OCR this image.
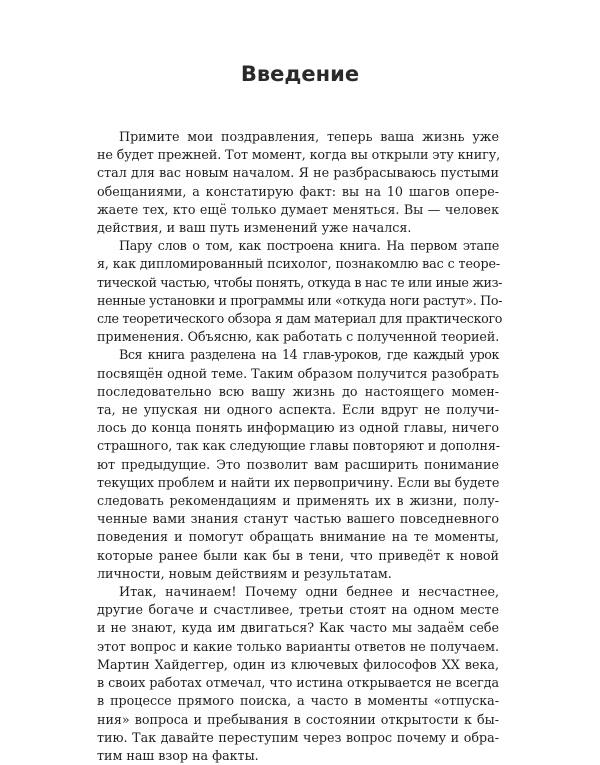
Введение

Примите мои поздравления, теперь ваша жизнь уже
не будет прежней. Тот момент, когда вы открыли эту книгу,
стал для вас новым началом. Я не разбрасываюсь пустыми
обещаниями, а констатирую факт: вы на 10 шагов опере-
жаете тех, кто ещё только думает меняться. Вы — человек
действия, и ваш путь изменений уже начался.

Пару слов о том, как построена книга. На первом этапе
я, как дипломированный психолог, познакомлю вас с теоре-
тической частью, чтобы понять, откуда в нас те или иные жиз-
ненные установки и программы или «откуда ноги растут». По-
сле теоретического обзора я дам материал для практического
применения. Объясню, как работать с полученной теорией.

Вся книга разделена на 14 глав-уроков, где каждый урок
посвящён одной теме. Таким образом получится разобрать
последовательно всю вашу жизнь до настоящего момен-
та, не упуская ни одного аспекта. Если вдруг не получи-
лось до конца понять информацию из одной главы, ничего
страшного, так как следующие главы повторяют и дополня-
ют предыдущие. Это позволит вам расширить понимание
текущих проблем и найти их первопричину. Если вы будете
следовать рекомендациям и применять их в жизни, полу-
ченные вами знания станут частью вашего повседневного
поведения и помогут обращать внимание на те моменты,
которые ранее были как бы в тени, что приведёт к новой
личности, новым действиям и результатам.

Итак, начинаем! Почему одни беднее и несчастнее,
другие богаче и счастливее, третьи стоят на одном месте
и не знают, куда им двигаться? Как часто мы задаём себе
этот вопрос и какие только варианты ответов не получаем.
Мартин Хайдеггер, один из ключевых философов XX века,
в своих работах отмечал, что истина открывается не всегда
в процессе прямого поиска, а часто в моменты «отпуска-
ния» вопроса и пребывания в состоянии открытости к бы-
тию. Так давайте переступим через вопрос почему и обра-
тим наш взор на факты.
